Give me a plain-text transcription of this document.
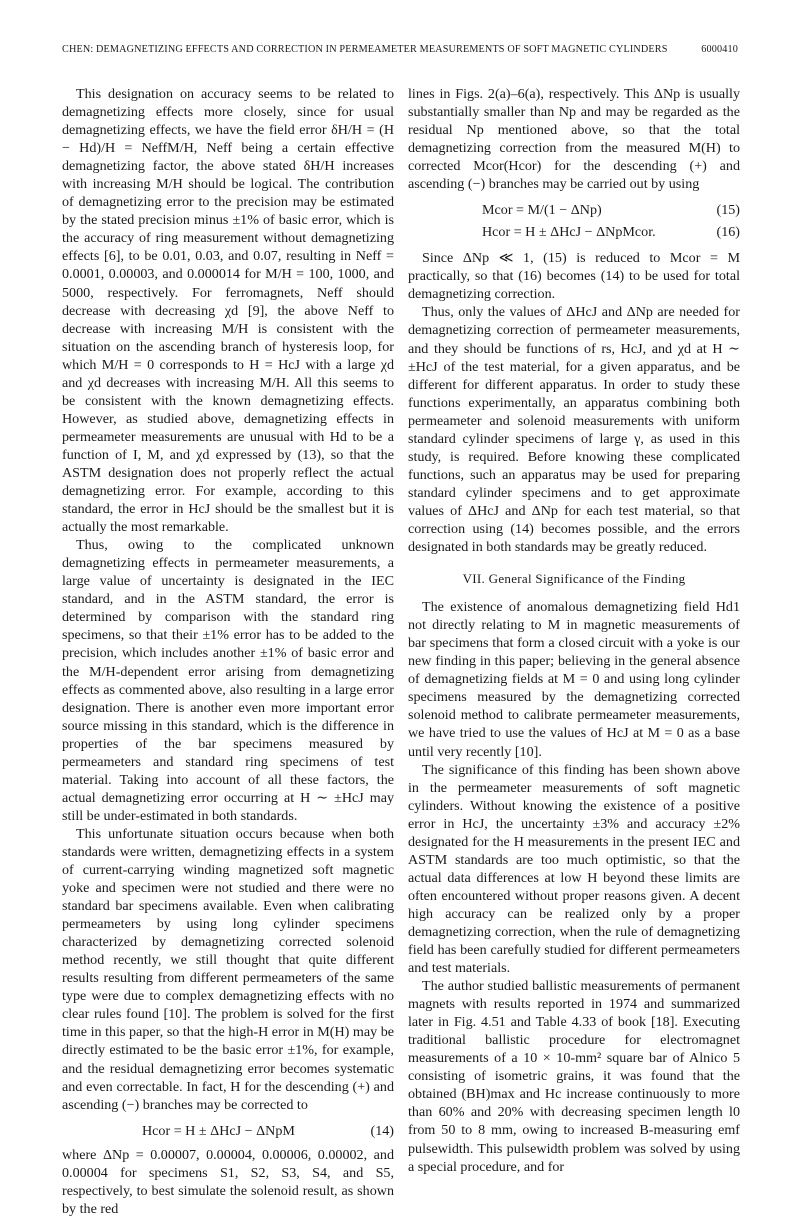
CHEN: DEMAGNETIZING EFFECTS AND CORRECTION IN PERMEAMETER MEASUREMENTS OF SOFT MAGNETIC CYLINDERS	6000410

This designation on accuracy seems to be related to demagnetizing effects more closely, since for usual demagnetizing effects, we have the field error δH/H = (H − Hd)/H = NeffM/H, Neff being a certain effective demagnetizing factor, the above stated δH/H increases with increasing M/H should be logical. The contribution of demagnetizing error to the precision may be estimated by the stated precision minus ±1% of basic error, which is the accuracy of ring measurement without demagnetizing effects [6], to be 0.01, 0.03, and 0.07, resulting in Neff = 0.0001, 0.00003, and 0.000014 for M/H = 100, 1000, and 5000, respectively. For ferromagnets, Neff should decrease with decreasing χd [9], the above Neff to decrease with increasing M/H is consistent with the situation on the ascending branch of hysteresis loop, for which M/H = 0 corresponds to H = HcJ with a large χd and χd decreases with increasing M/H. All this seems to be consistent with the known demagnetizing effects. However, as studied above, demagnetizing effects in permeameter measurements are unusual with Hd to be a function of I, M, and χd expressed by (13), so that the ASTM designation does not properly reflect the actual demagnetizing error. For example, according to this standard, the error in HcJ should be the smallest but it is actually the most remarkable.

Thus, owing to the complicated unknown demagnetizing effects in permeameter measurements, a large value of uncertainty is designated in the IEC standard, and in the ASTM standard, the error is determined by comparison with the standard ring specimens, so that their ±1% error has to be added to the precision, which includes another ±1% of basic error and the M/H-dependent error arising from demagnetizing effects as commented above, also resulting in a large error designation. There is another even more important error source missing in this standard, which is the difference in properties of the bar specimens measured by permeameters and standard ring specimens of test material. Taking into account of all these factors, the actual demagnetizing error occurring at H ∼ ±HcJ may still be under-estimated in both standards.

This unfortunate situation occurs because when both standards were written, demagnetizing effects in a system of current-carrying winding magnetized soft magnetic yoke and specimen were not studied and there were no standard bar specimens available. Even when calibrating permeameters by using long cylinder specimens characterized by demagnetizing corrected solenoid method recently, we still thought that quite different results resulting from different permeameters of the same type were due to complex demagnetizing effects with no clear rules found [10]. The problem is solved for the first time in this paper, so that the high-H error in M(H) may be directly estimated to be the basic error ±1%, for example, and the residual demagnetizing error becomes systematic and even correctable. In fact, H for the descending (+) and ascending (−) branches may be corrected to

Hcor = H ± ΔHcJ − ΔNpM	(14)

where ΔNp = 0.00007, 0.00004, 0.00006, 0.00002, and 0.00004 for specimens S1, S2, S3, S4, and S5, respectively, to best simulate the solenoid result, as shown by the red

lines in Figs. 2(a)–6(a), respectively. This ΔNp is usually substantially smaller than Np and may be regarded as the residual Np mentioned above, so that the total demagnetizing correction from the measured M(H) to corrected Mcor(Hcor) for the descending (+) and ascending (−) branches may be carried out by using

Mcor = M/(1 − ΔNp)	(15)
Hcor = H ± ΔHcJ − ΔNpMcor.	(16)

Since ΔNp ≪ 1, (15) is reduced to Mcor = M practically, so that (16) becomes (14) to be used for total demagnetizing correction.

Thus, only the values of ΔHcJ and ΔNp are needed for demagnetizing correction of permeameter measurements, and they should be functions of rs, HcJ, and χd at H ∼ ±HcJ of the test material, for a given apparatus, and be different for different apparatus. In order to study these functions experimentally, an apparatus combining both permeameter and solenoid measurements with uniform standard cylinder specimens of large γ, as used in this study, is required. Before knowing these complicated functions, such an apparatus may be used for preparing standard cylinder specimens and to get approximate values of ΔHcJ and ΔNp for each test material, so that correction using (14) becomes possible, and the errors designated in both standards may be greatly reduced.

VII. General Significance of the Finding

The existence of anomalous demagnetizing field Hd1 not directly relating to M in magnetic measurements of bar specimens that form a closed circuit with a yoke is our new finding in this paper; believing in the general absence of demagnetizing fields at M = 0 and using long cylinder specimens measured by the demagnetizing corrected solenoid method to calibrate permeameter measurements, we have tried to use the values of HcJ at M = 0 as a base until very recently [10].

The significance of this finding has been shown above in the permeameter measurements of soft magnetic cylinders. Without knowing the existence of a positive error in HcJ, the uncertainty ±3% and accuracy ±2% designated for the H measurements in the present IEC and ASTM standards are too much optimistic, so that the actual data differences at low H beyond these limits are often encountered without proper reasons given. A decent high accuracy can be realized only by a proper demagnetizing correction, when the rule of demagnetizing field has been carefully studied for different permeameters and test materials.

The author studied ballistic measurements of permanent magnets with results reported in 1974 and summarized later in Fig. 4.51 and Table 4.33 of book [18]. Executing traditional ballistic procedure for electromagnet measurements of a 10 × 10-mm² square bar of Alnico 5 consisting of isometric grains, it was found that the obtained (BH)max and Hc increase continuously to more than 60% and 20% with decreasing specimen length l0 from 50 to 8 mm, owing to increased B-measuring emf pulsewidth. This pulsewidth problem was solved by using a special procedure, and for
